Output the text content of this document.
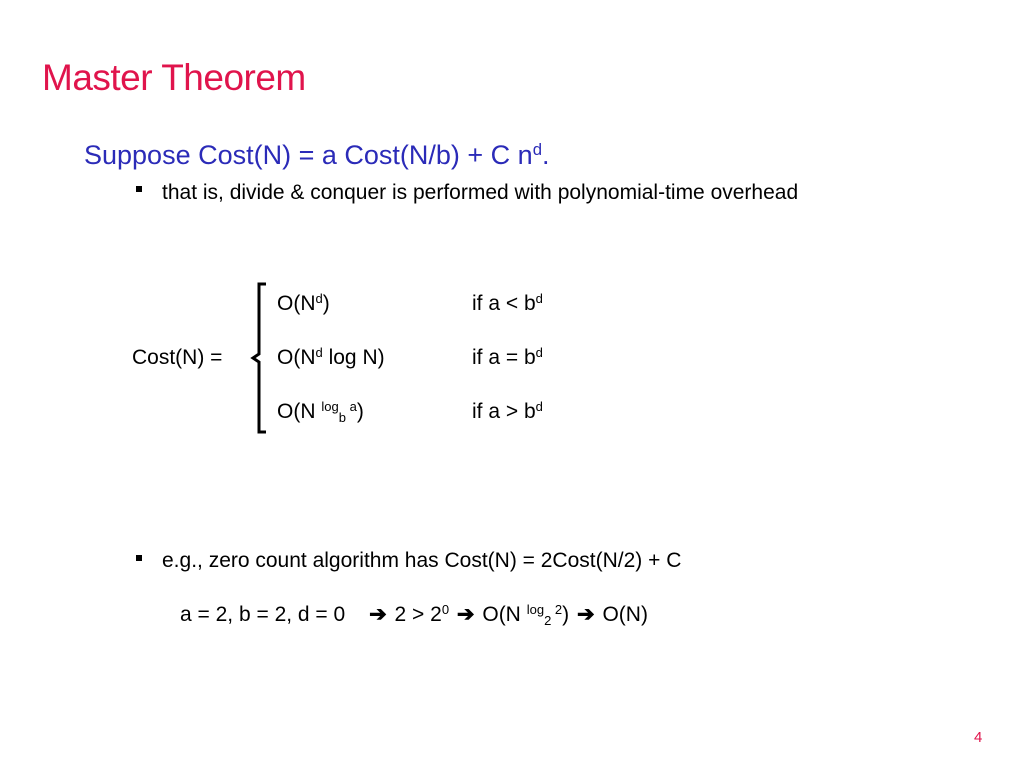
Master Theorem
Suppose Cost(N) = a Cost(N/b) + C $n^d$.
that is, divide & conquer is performed with polynomial-time overhead
Cost(N) =
$O(N^d)$	if $a < b^d$
$O(N^d$ log N)	if $a = b^d$
O(N $^{log}_b$ $^a$)	if $a > b^d$
e.g., zero count algorithm has Cost(N) = 2Cost(N/2) + C
a = 2, b = 2, d = 0 ➔ $2 > 2^0$ ➔ O(N $^{log}_2$ $^2$) ➔ O(N)
4
